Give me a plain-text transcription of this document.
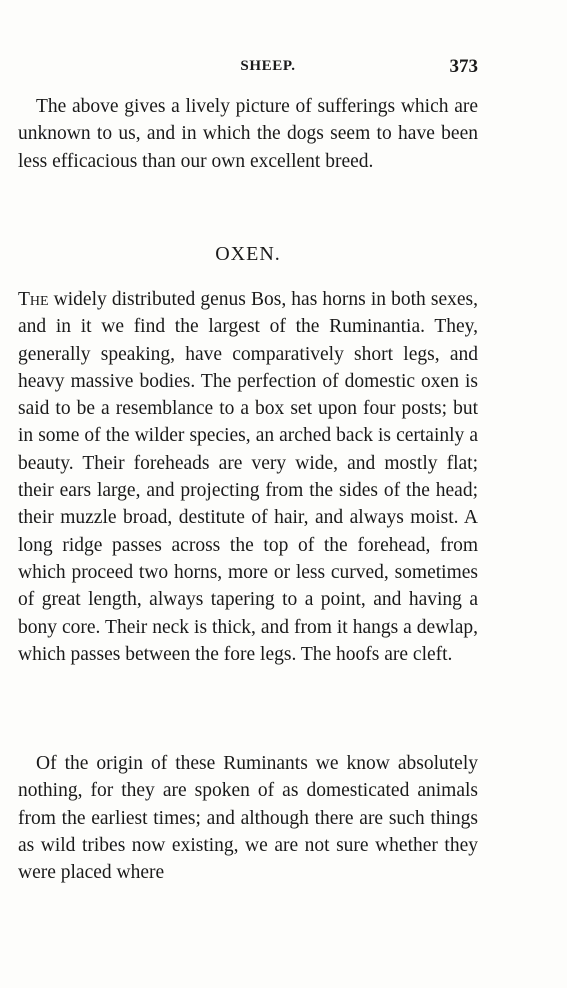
SHEEP.	373

The above gives a lively picture of sufferings which are unknown to us, and in which the dogs seem to have been less efficacious than our own excellent breed.

OXEN.

The widely distributed genus Bos, has horns in both sexes, and in it we find the largest of the Ruminantia. They, generally speaking, have comparatively short legs, and heavy massive bodies. The perfection of domestic oxen is said to be a resemblance to a box set upon four posts; but in some of the wilder species, an arched back is certainly a beauty. Their foreheads are very wide, and mostly flat; their ears large, and projecting from the sides of the head; their muzzle broad, destitute of hair, and always moist. A long ridge passes across the top of the forehead, from which proceed two horns, more or less curved, sometimes of great length, always tapering to a point, and having a bony core. Their neck is thick, and from it hangs a dewlap, which passes between the fore legs. The hoofs are cleft.

Of the origin of these Ruminants we know absolutely nothing, for they are spoken of as domesticated animals from the earliest times; and although there are such things as wild tribes now existing, we are not sure whether they were placed where
